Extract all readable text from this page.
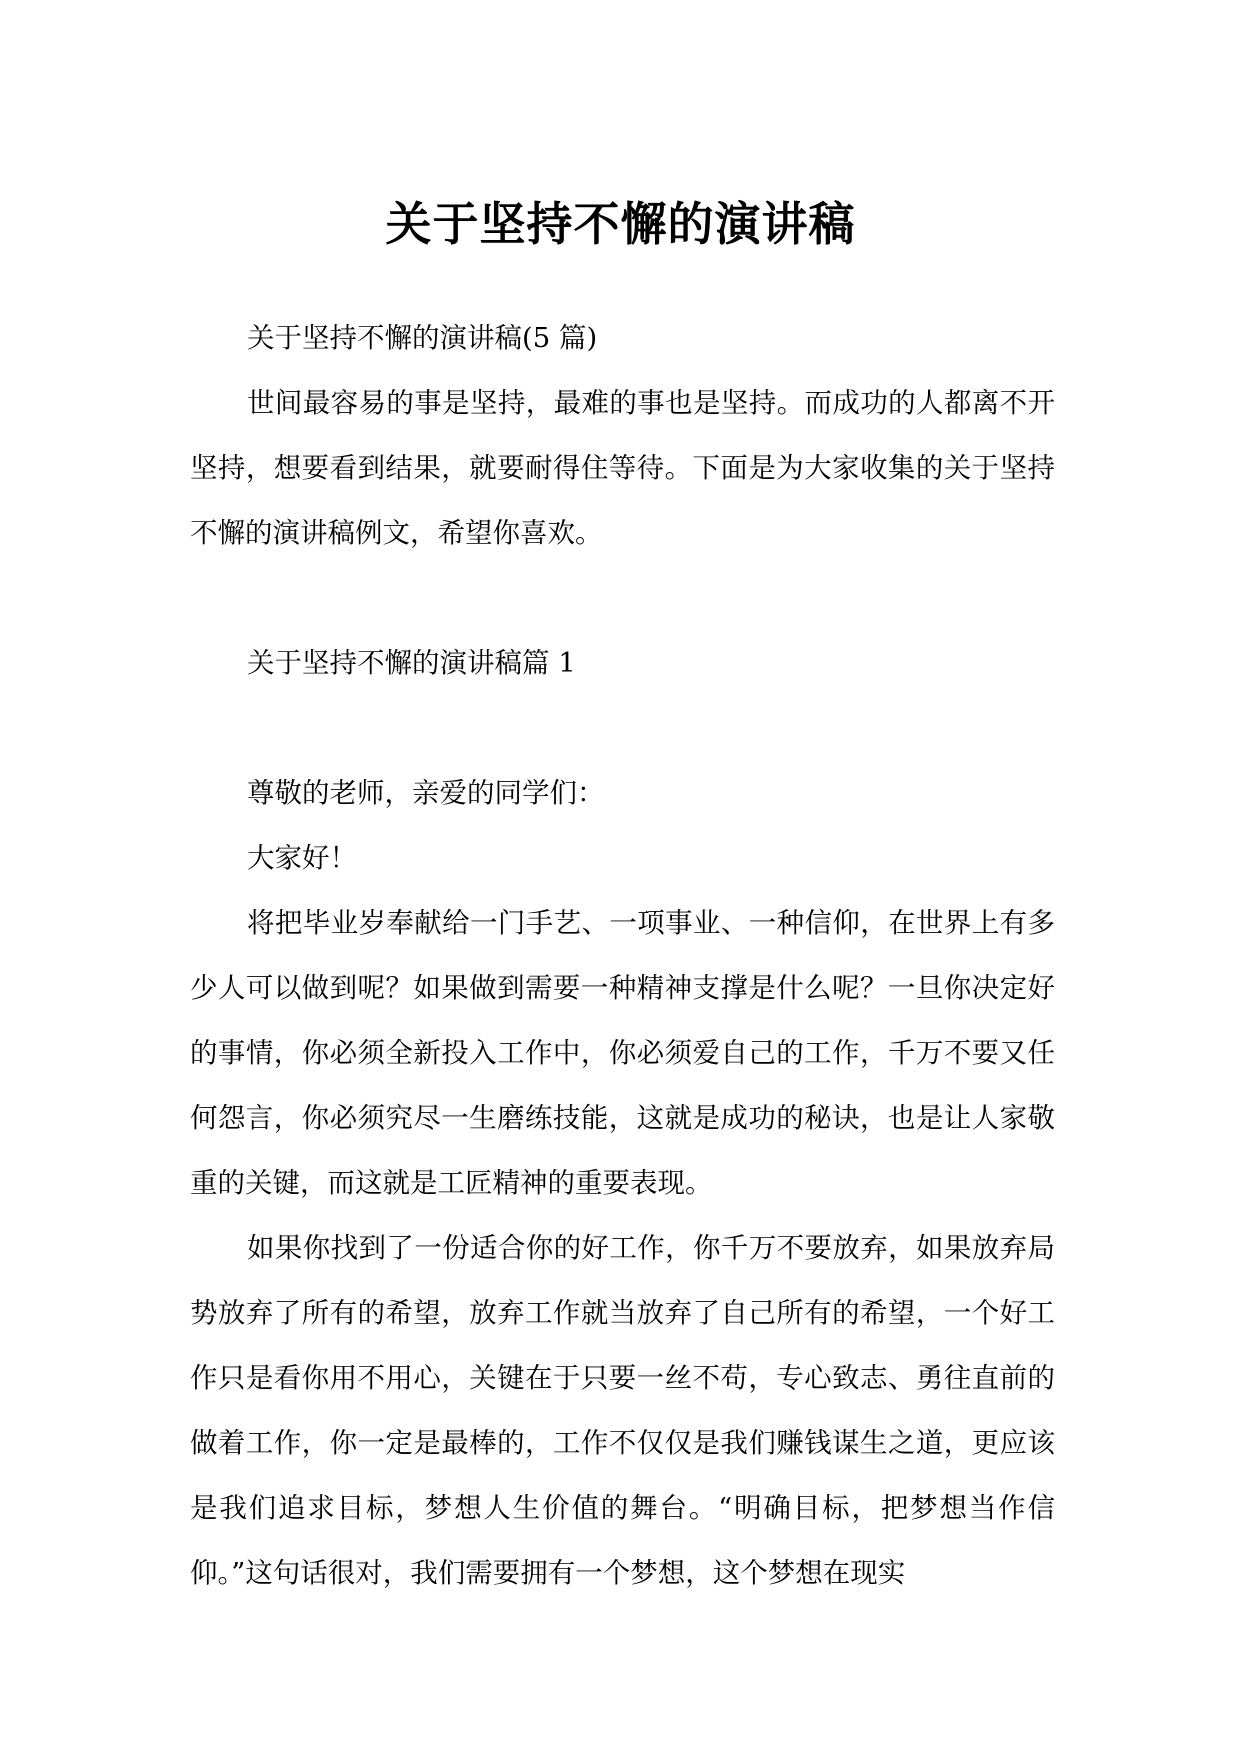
关于坚持不懈的演讲稿

关于坚持不懈的演讲稿(5 篇)

世间最容易的事是坚持，最难的事也是坚持。而成功的人都离不开坚持，想要看到结果，就要耐得住等待。下面是为大家收集的关于坚持不懈的演讲稿例文，希望你喜欢。

关于坚持不懈的演讲稿篇 1

尊敬的老师，亲爱的同学们：

大家好！

将把毕业岁奉献给一门手艺、一项事业、一种信仰，在世界上有多少人可以做到呢？如果做到需要一种精神支撑是什么呢？一旦你决定好的事情，你必须全新投入工作中，你必须爱自己的工作，千万不要又任何怨言，你必须究尽一生磨练技能，这就是成功的秘诀，也是让人家敬重的关键，而这就是工匠精神的重要表现。

如果你找到了一份适合你的好工作，你千万不要放弃，如果放弃局势放弃了所有的希望，放弃工作就当放弃了自己所有的希望，一个好工作只是看你用不用心，关键在于只要一丝不苟，专心致志、勇往直前的做着工作，你一定是最棒的，工作不仅仅是我们赚钱谋生之道，更应该是我们追求目标，梦想人生价值的舞台。“明确目标，把梦想当作信仰。”这句话很对，我们需要拥有一个梦想，这个梦想在现实
